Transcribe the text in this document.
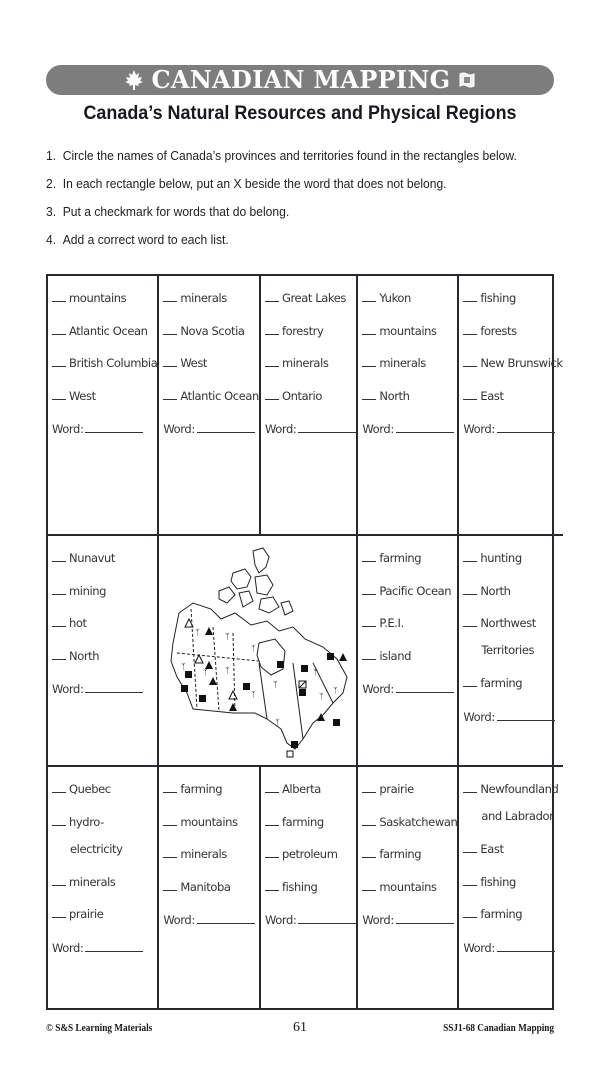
CANADIAN MAPPING
Canada’s Natural Resources and Physical Regions
1. Circle the names of Canada’s provinces and territories found in the rectangles below.
2. In each rectangle below, put an X beside the word that does not belong.
3. Put a checkmark for words that do belong.
4. Add a correct word to each list.
mountains
Atlantic Ocean
British Columbia
West
Word:
minerals
Nova Scotia
West
Atlantic Ocean
Word:
Great Lakes
forestry
minerals
Ontario
Word:
Yukon
mountains
minerals
North
Word:
fishing
forests
New Brunswick
East
Word:
Nunavut
mining
hot
North
Word:
ᛉ	ᛉ
ᛉ
ᛉ ᛉ
ᛉ
ᛉ
ᛉ
ᛉ
ᛉ
ᛉ
ᛉ
farming
Pacific Ocean
P.E.I.
island
Word:
hunting
North
Northwest
Territories
farming
Word:
Quebec
hydro-
electricity
minerals
prairie
Word:
farming
mountains
minerals
Manitoba
Word:
Alberta
farming
petroleum
fishing
Word:
prairie
Saskatchewan
farming
mountains
Word:
Newfoundland
and Labrador
East
fishing
farming
Word:
© S&S Learning Materials	61	SSJ1-68 Canadian Mapping
